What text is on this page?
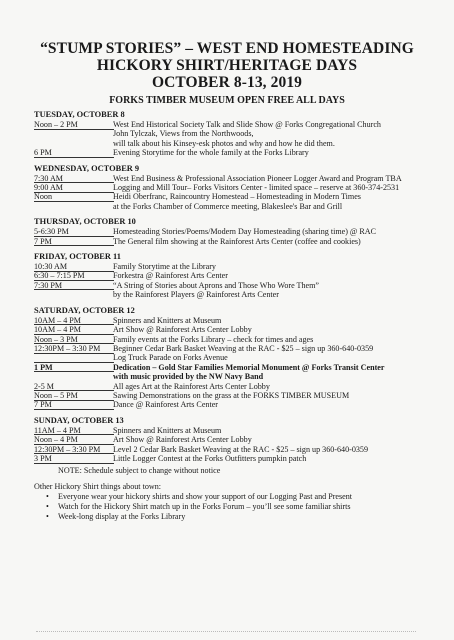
“STUMP STORIES” – WEST END HOMESTEADING
HICKORY SHIRT/HERITAGE DAYS
OCTOBER 8-13, 2019
FORKS TIMBER MUSEUM OPEN FREE ALL DAYS
TUESDAY, OCTOBER 8
Noon – 2 PM	West End Historical Society Talk and Slide Show @ Forks Congregational Church
John Tylczak, Views from the Northwoods,
will talk about his Kinsey-esk photos and why and how he did them.
6 PM	Evening Storytime for the whole family at the Forks Library
WEDNESDAY, OCTOBER 9
7:30 AM	West End Business & Professional Association Pioneer Logger Award and Program TBA
9:00 AM	Logging and Mill Tour– Forks Visitors Center - limited space – reserve at 360-374-2531
Noon	Heidi Oberfranc, Raincountry Homestead – Homesteading in Modern Times
at the Forks Chamber of Commerce meeting, Blakeslee's Bar and Grill
THURSDAY, OCTOBER 10
5-6:30 PM	Homesteading Stories/Poems/Modern Day Homesteading (sharing time) @ RAC
7 PM	The General film showing at the Rainforest Arts Center (coffee and cookies)
FRIDAY, OCTOBER 11
10:30 AM	Family Storytime at the Library
6:30 – 7:15 PM	Forkestra @ Rainforest Arts Center
7:30 PM	“A String of Stories about Aprons and Those Who Wore Them”
by the Rainforest Players @ Rainforest Arts Center
SATURDAY, OCTOBER 12
10AM – 4 PM	Spinners and Knitters at Museum
10AM – 4 PM	Art Show @ Rainforest Arts Center Lobby
Noon – 3 PM	Family events at the Forks Library – check for times and ages
12:30PM – 3:30 PM	Beginner Cedar Bark Basket Weaving at the RAC - $25 – sign up 360-640-0359
Log Truck Parade on Forks Avenue
1 PM	Dedication – Gold Star Families Memorial Monument @ Forks Transit Center
with music provided by the NW Navy Band
2-5 M	All ages Art at the Rainforest Arts Center Lobby
Noon – 5 PM	Sawing Demonstrations on the grass at the FORKS TIMBER MUSEUM
7 PM	Dance @ Rainforest Arts Center
SUNDAY, OCTOBER 13
11AM – 4 PM	Spinners and Knitters at Museum
Noon – 4 PM	Art Show @ Rainforest Arts Center Lobby
12:30PM – 3:30 PM	Level 2 Cedar Bark Basket Weaving at the RAC - $25 – sign up 360-640-0359
3 PM	Little Logger Contest at the Forks Outfitters pumpkin patch
NOTE: Schedule subject to change without notice
Other Hickory Shirt things about town:
• Everyone wear your hickory shirts and show your support of our Logging Past and Present
• Watch for the Hickory Shirt match up in the Forks Forum – you’ll see some familiar shirts
• Week-long display at the Forks Library
